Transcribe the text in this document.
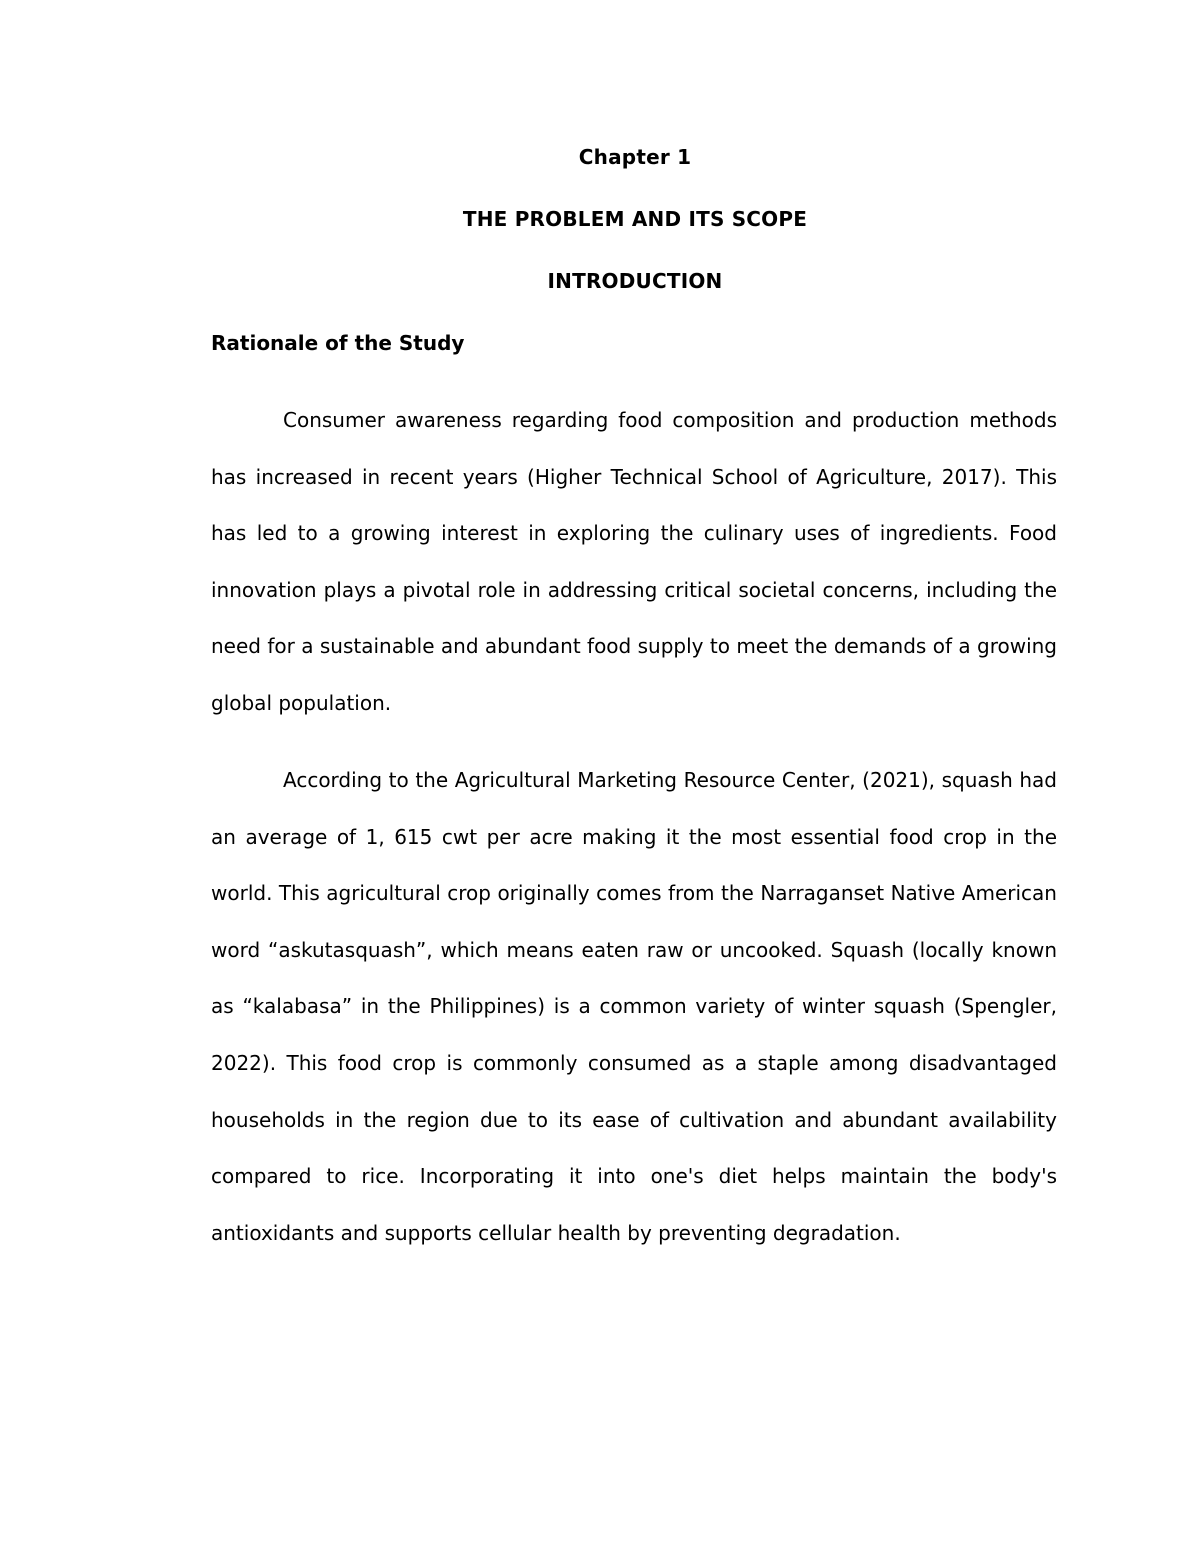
Chapter 1
THE PROBLEM AND ITS SCOPE
INTRODUCTION
Rationale of the Study

Consumer awareness regarding food composition and production methods has increased in recent years (Higher Technical School of Agriculture, 2017). This has led to a growing interest in exploring the culinary uses of ingredients. Food innovation plays a pivotal role in addressing critical societal concerns, including the need for a sustainable and abundant food supply to meet the demands of a growing global population.

According to the Agricultural Marketing Resource Center, (2021), squash had an average of 1, 615 cwt per acre making it the most essential food crop in the world. This agricultural crop originally comes from the Narraganset Native American word “askutasquash”, which means eaten raw or uncooked. Squash (locally known as “kalabasa” in the Philippines) is a common variety of winter squash (Spengler, 2022). This food crop is commonly consumed as a staple among disadvantaged households in the region due to its ease of cultivation and abundant availability compared to rice. Incorporating it into one's diet helps maintain the body's antioxidants and supports cellular health by preventing degradation.
